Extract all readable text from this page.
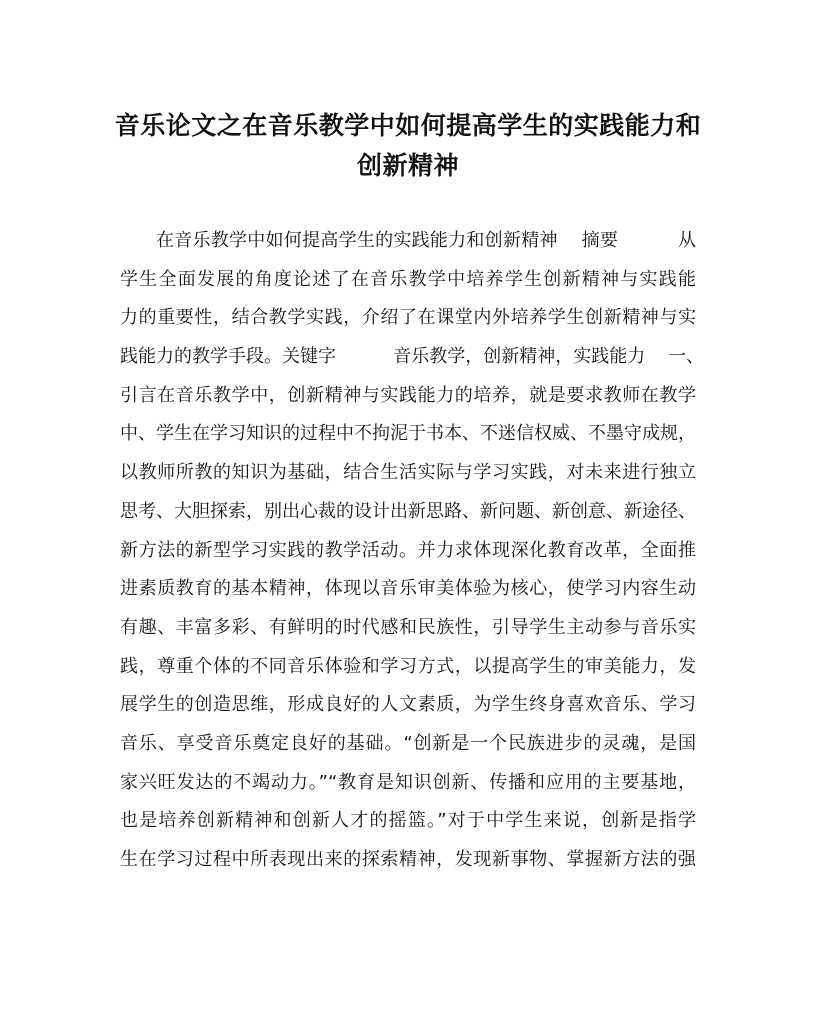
音乐论文之在音乐教学中如何提高学生的实践能力和
创新精神
在音乐教学中如何提高学生的实践能力和创新精神    摘要          从
学生全面发展的角度论述了在音乐教学中培养学生创新精神与实践能
力的重要性，结合教学实践，介绍了在课堂内外培养学生创新精神与实
践能力的教学手段。关键字          音乐教学，创新精神，实践能力    一、
引言在音乐教学中，创新精神与实践能力的培养，就是要求教师在教学
中、学生在学习知识的过程中不拘泥于书本、不迷信权威、不墨守成规，
以教师所教的知识为基础，结合生活实际与学习实践，对未来进行独立
思考、大胆探索，别出心裁的设计出新思路、新问题、新创意、新途径、
新方法的新型学习实践的教学活动。并力求体现深化教育改革，全面推
进素质教育的基本精神，体现以音乐审美体验为核心，使学习内容生动
有趣、丰富多彩、有鲜明的时代感和民族性，引导学生主动参与音乐实
践，尊重个体的不同音乐体验和学习方式，以提高学生的审美能力，发
展学生的创造思维，形成良好的人文素质，为学生终身喜欢音乐、学习
音乐、享受音乐奠定良好的基础。“创新是一个民族进步的灵魂，是国
家兴旺发达的不竭动力。”“教育是知识创新、传播和应用的主要基地，
也是培养创新精神和创新人才的摇篮。”对于中学生来说，创新是指学
生在学习过程中所表现出来的探索精神，发现新事物、掌握新方法的强
